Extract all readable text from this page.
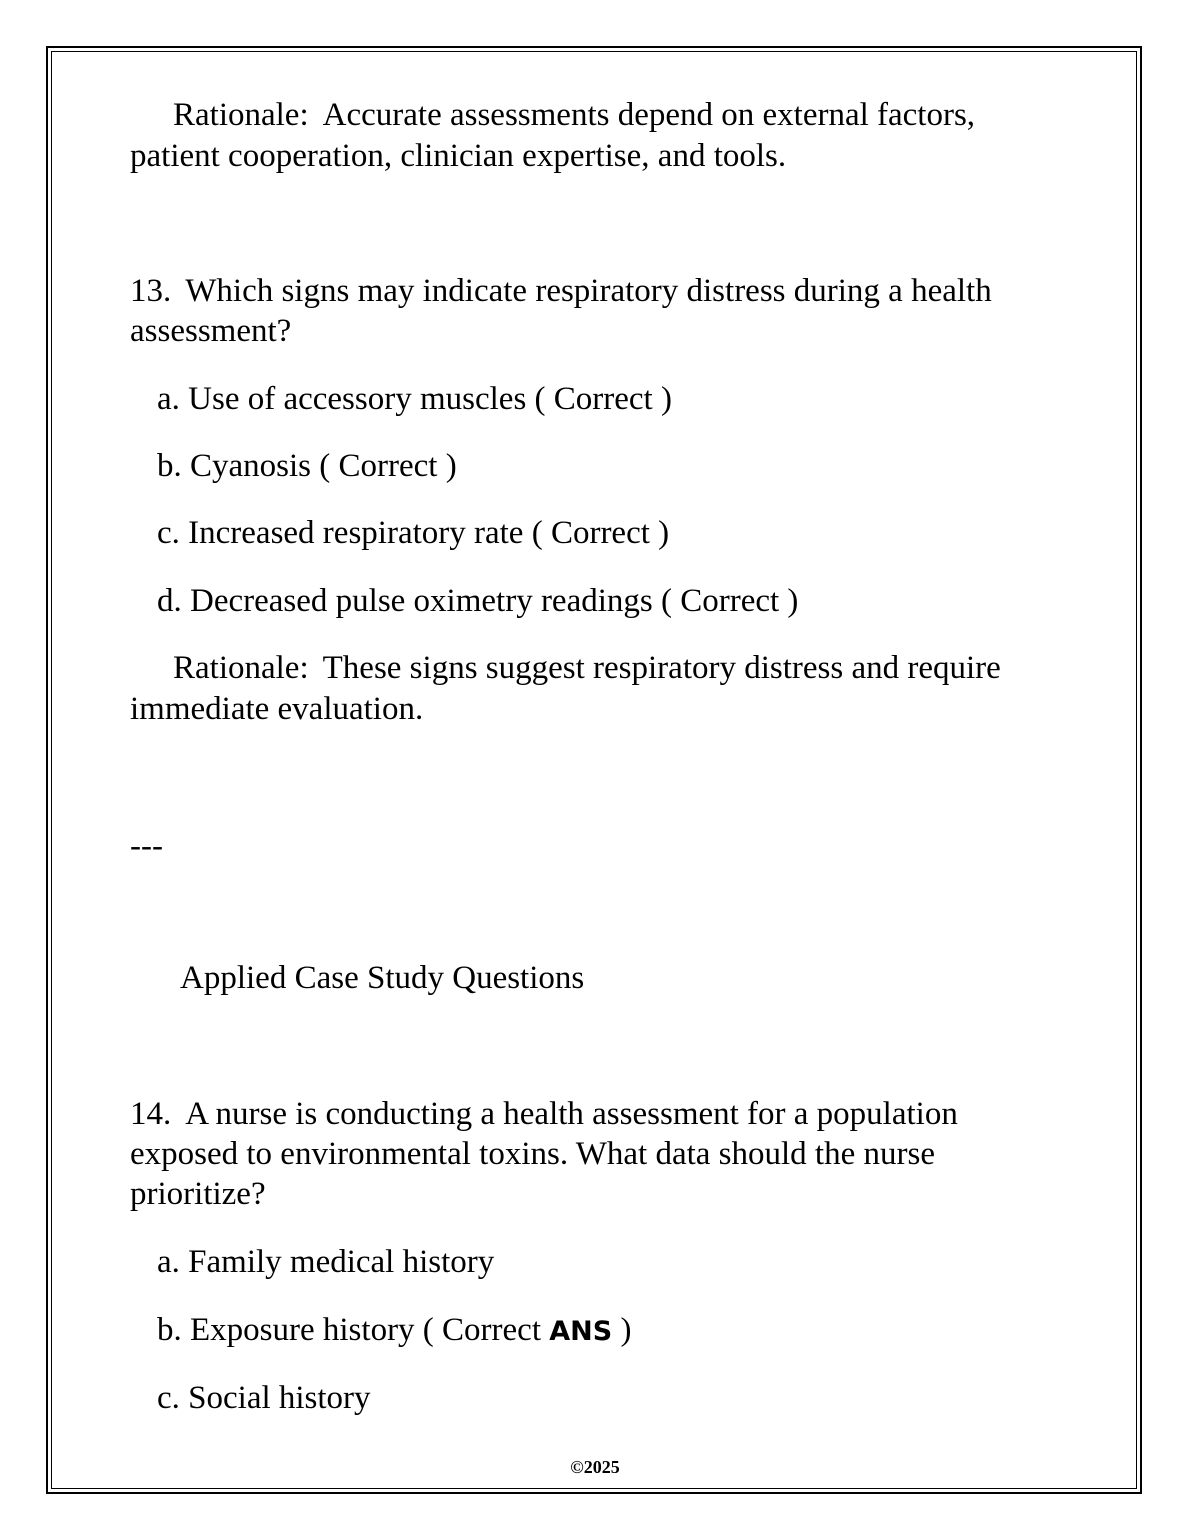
Rationale: Accurate assessments depend on external factors,
patient cooperation, clinician expertise, and tools.
13. Which signs may indicate respiratory distress during a health
assessment?
a. Use of accessory muscles ( Correct )
b. Cyanosis ( Correct )
c. Increased respiratory rate ( Correct )
d. Decreased pulse oximetry readings ( Correct )
Rationale: These signs suggest respiratory distress and require
immediate evaluation.
---
Applied Case Study Questions
14. A nurse is conducting a health assessment for a population
exposed to environmental toxins. What data should the nurse
prioritize?
a. Family medical history
b. Exposure history ( Correct ANS )
c. Social history
©2025
